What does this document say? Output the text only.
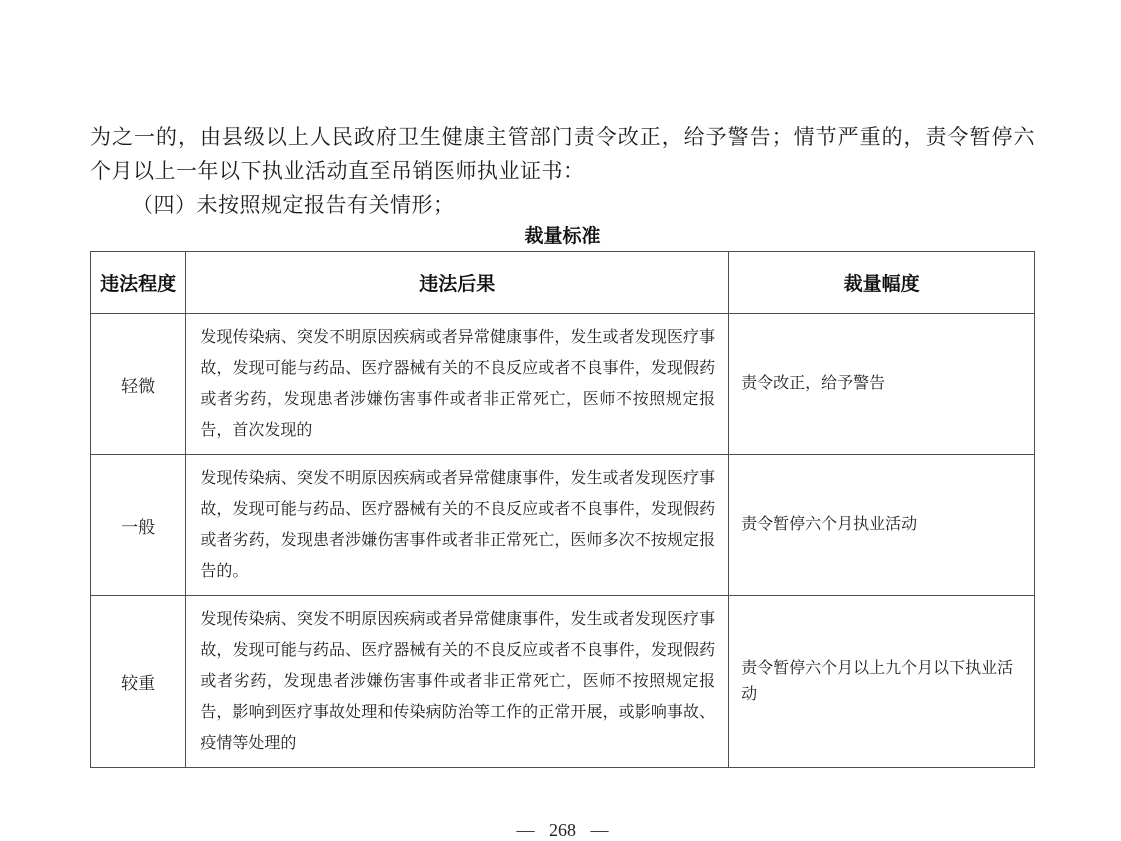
为之一的，由县级以上人民政府卫生健康主管部门责令改正，给予警告；情节严重的，责令暂停六个月以上一年以下执业活动直至吊销医师执业证书：
（四）未按照规定报告有关情形；
裁量标准
违法程度	违法后果	裁量幅度
轻微	发现传染病、突发不明原因疾病或者异常健康事件，发生或者发现医疗事故，发现可能与药品、医疗器械有关的不良反应或者不良事件，发现假药或者劣药，发现患者涉嫌伤害事件或者非正常死亡，医师不按照规定报告，首次发现的	责令改正，给予警告
一般	发现传染病、突发不明原因疾病或者异常健康事件，发生或者发现医疗事故，发现可能与药品、医疗器械有关的不良反应或者不良事件，发现假药或者劣药，发现患者涉嫌伤害事件或者非正常死亡，医师多次不按规定报告的。	责令暂停六个月执业活动
较重	发现传染病、突发不明原因疾病或者异常健康事件，发生或者发现医疗事故，发现可能与药品、医疗器械有关的不良反应或者不良事件，发现假药或者劣药，发现患者涉嫌伤害事件或者非正常死亡，医师不按照规定报告，影响到医疗事故处理和传染病防治等工作的正常开展，或影响事故、疫情等处理的	责令暂停六个月以上九个月以下执业活动
— 268 —
